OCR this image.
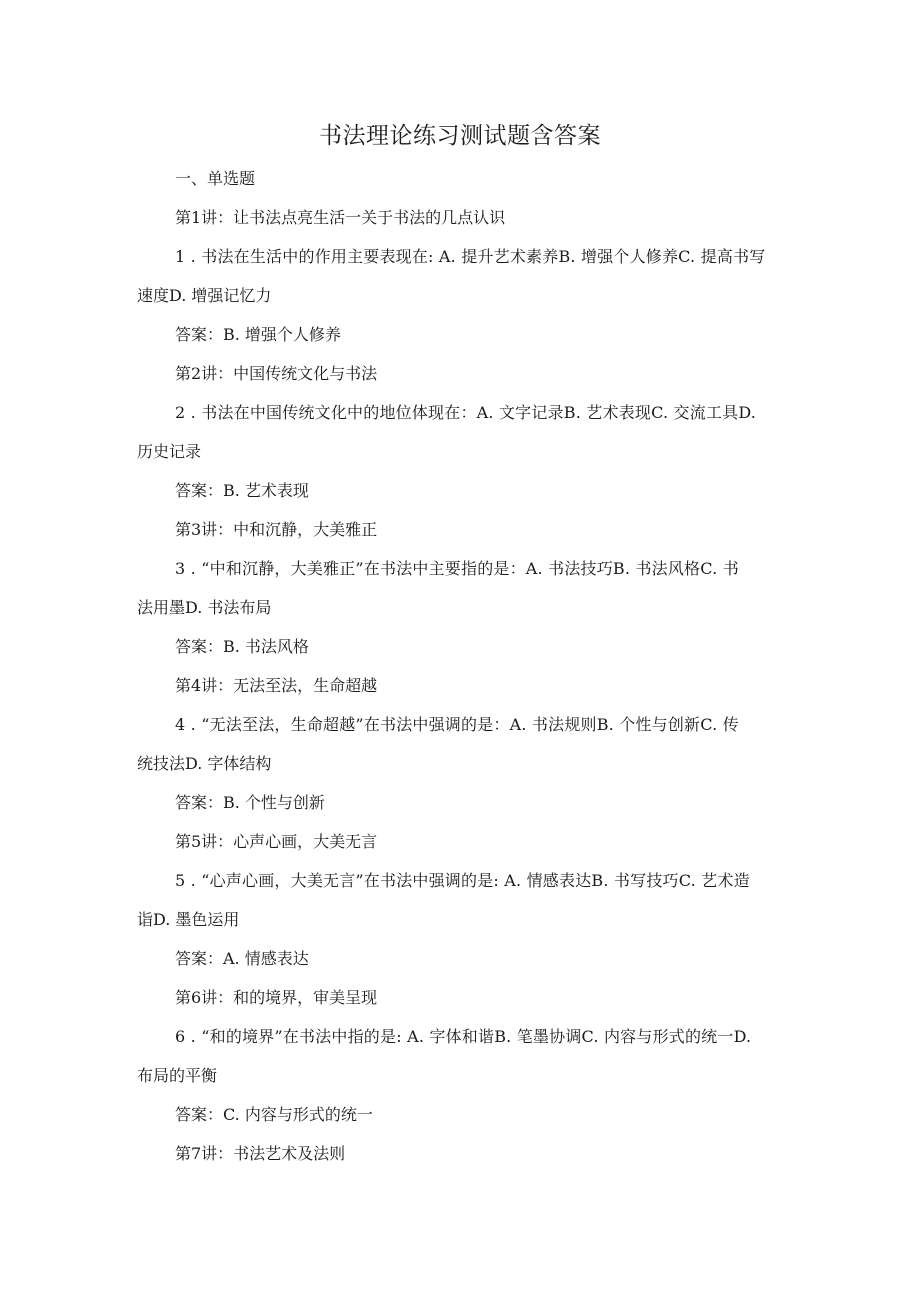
书法理论练习测试题含答案
一、单选题
第1讲：让书法点亮生活一关于书法的几点认识
1 . 书法在生活中的作用主要表现在: A. 提升艺术素养B. 增强个人修养C. 提高书写
速度D. 增强记忆力
答案：B. 增强个人修养
第2讲：中国传统文化与书法
2 . 书法在中国传统文化中的地位体现在：A. 文字记录B. 艺术表现C. 交流工具D.
历史记录
答案：B. 艺术表现
第3讲：中和沉静，大美雅正
3 . “中和沉静，大美雅正”在书法中主要指的是：A. 书法技巧B. 书法风格C. 书
法用墨D. 书法布局
答案：B. 书法风格
第4讲：无法至法，生命超越
4 . “无法至法，生命超越”在书法中强调的是：A. 书法规则B. 个性与创新C. 传
统技法D. 字体结构
答案：B. 个性与创新
第5讲：心声心画，大美无言
5 . “心声心画，大美无言”在书法中强调的是: A. 情感表达B. 书写技巧C. 艺术造
诣D. 墨色运用
答案：A. 情感表达
第6讲：和的境界，审美呈现
6 . “和的境界”在书法中指的是: A. 字体和谐B. 笔墨协调C. 内容与形式的统一D.
布局的平衡
答案：C. 内容与形式的统一
第7讲：书法艺术及法则
